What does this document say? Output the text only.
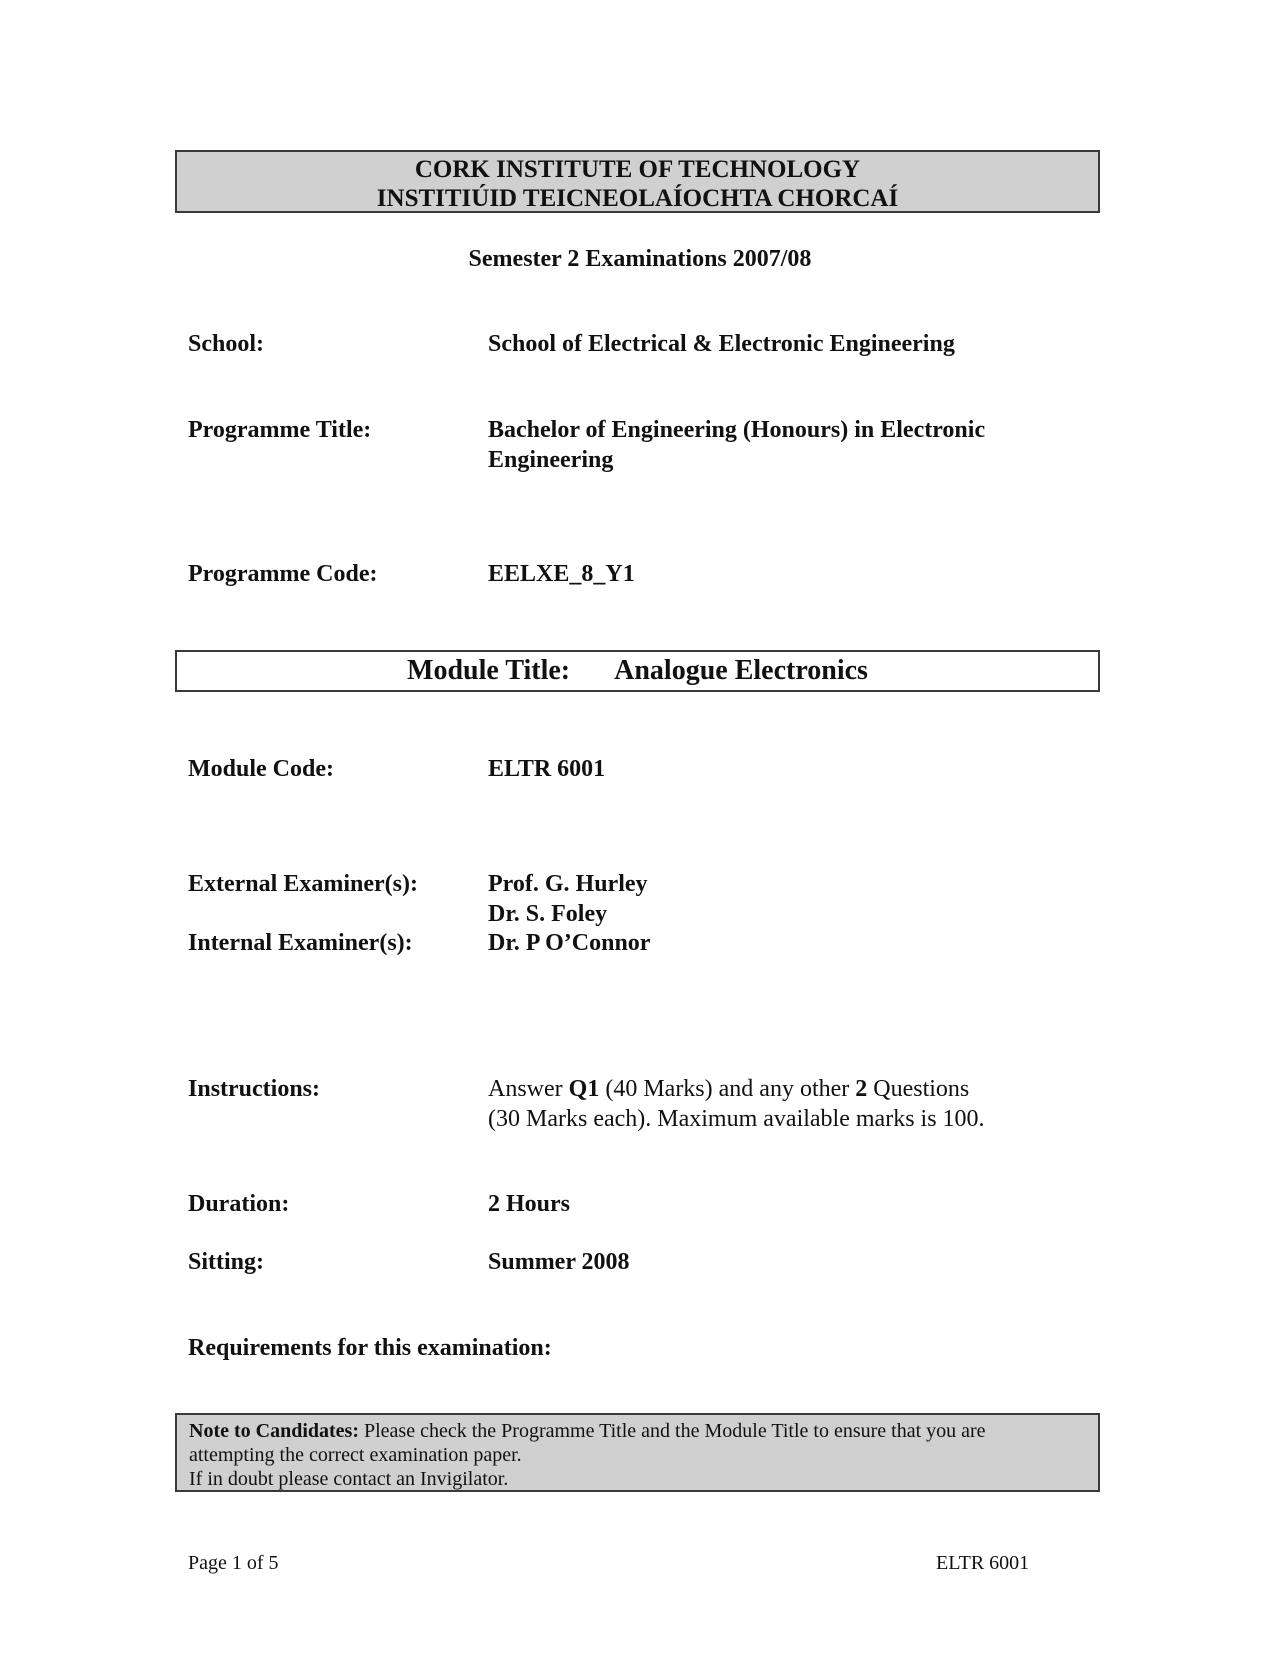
CORK INSTITUTE OF TECHNOLOGY
INSTITIÚID TEICNEOLAÍOCHTA CHORCAÍ
Semester 2 Examinations 2007/08
School:	School of Electrical & Electronic Engineering
Programme Title:	Bachelor of Engineering (Honours) in Electronic
Engineering
Programme Code:	EELXE_8_Y1
Module Title: Analogue Electronics
Module Code:	ELTR 6001
External Examiner(s):	Prof. G. Hurley
Dr. S. Foley
Internal Examiner(s):	Dr. P O’Connor
Instructions:	Answer Q1 (40 Marks) and any other 2 Questions
(30 Marks each). Maximum available marks is 100.
Duration:	2 Hours
Sitting:	Summer 2008
Requirements for this examination:
Note to Candidates: Please check the Programme Title and the Module Title to ensure that you are
attempting the correct examination paper.
If in doubt please contact an Invigilator.
Page 1 of 5	ELTR 6001
